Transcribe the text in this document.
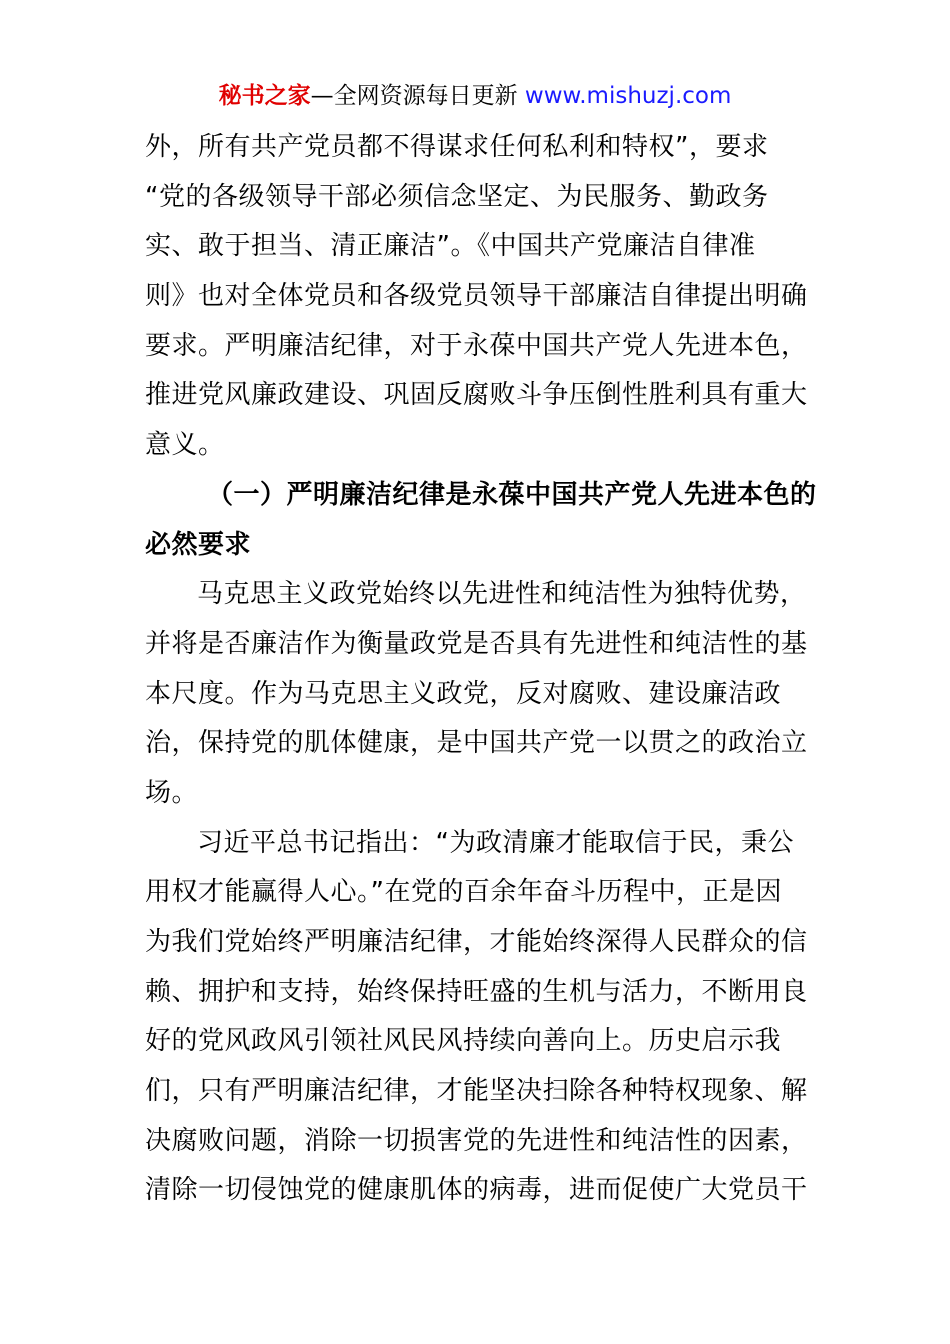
秘书之家—全网资源每日更新 www.mishuzj.com
外，所有共产党员都不得谋求任何私利和特权”，要求
“党的各级领导干部必须信念坚定、为民服务、勤政务
实、敢于担当、清正廉洁”。《中国共产党廉洁自律准
则》也对全体党员和各级党员领导干部廉洁自律提出明确
要求。严明廉洁纪律，对于永葆中国共产党人先进本色，
推进党风廉政建设、巩固反腐败斗争压倒性胜利具有重大
意义。
（一）严明廉洁纪律是永葆中国共产党人先进本色的
必然要求
马克思主义政党始终以先进性和纯洁性为独特优势，
并将是否廉洁作为衡量政党是否具有先进性和纯洁性的基
本尺度。作为马克思主义政党，反对腐败、建设廉洁政
治，保持党的肌体健康，是中国共产党一以贯之的政治立
场。
习近平总书记指出：“为政清廉才能取信于民，秉公
用权才能赢得人心。”在党的百余年奋斗历程中，正是因
为我们党始终严明廉洁纪律，才能始终深得人民群众的信
赖、拥护和支持，始终保持旺盛的生机与活力，不断用良
好的党风政风引领社风民风持续向善向上。历史启示我
们，只有严明廉洁纪律，才能坚决扫除各种特权现象、解
决腐败问题，消除一切损害党的先进性和纯洁性的因素，
清除一切侵蚀党的健康肌体的病毒，进而促使广大党员干
